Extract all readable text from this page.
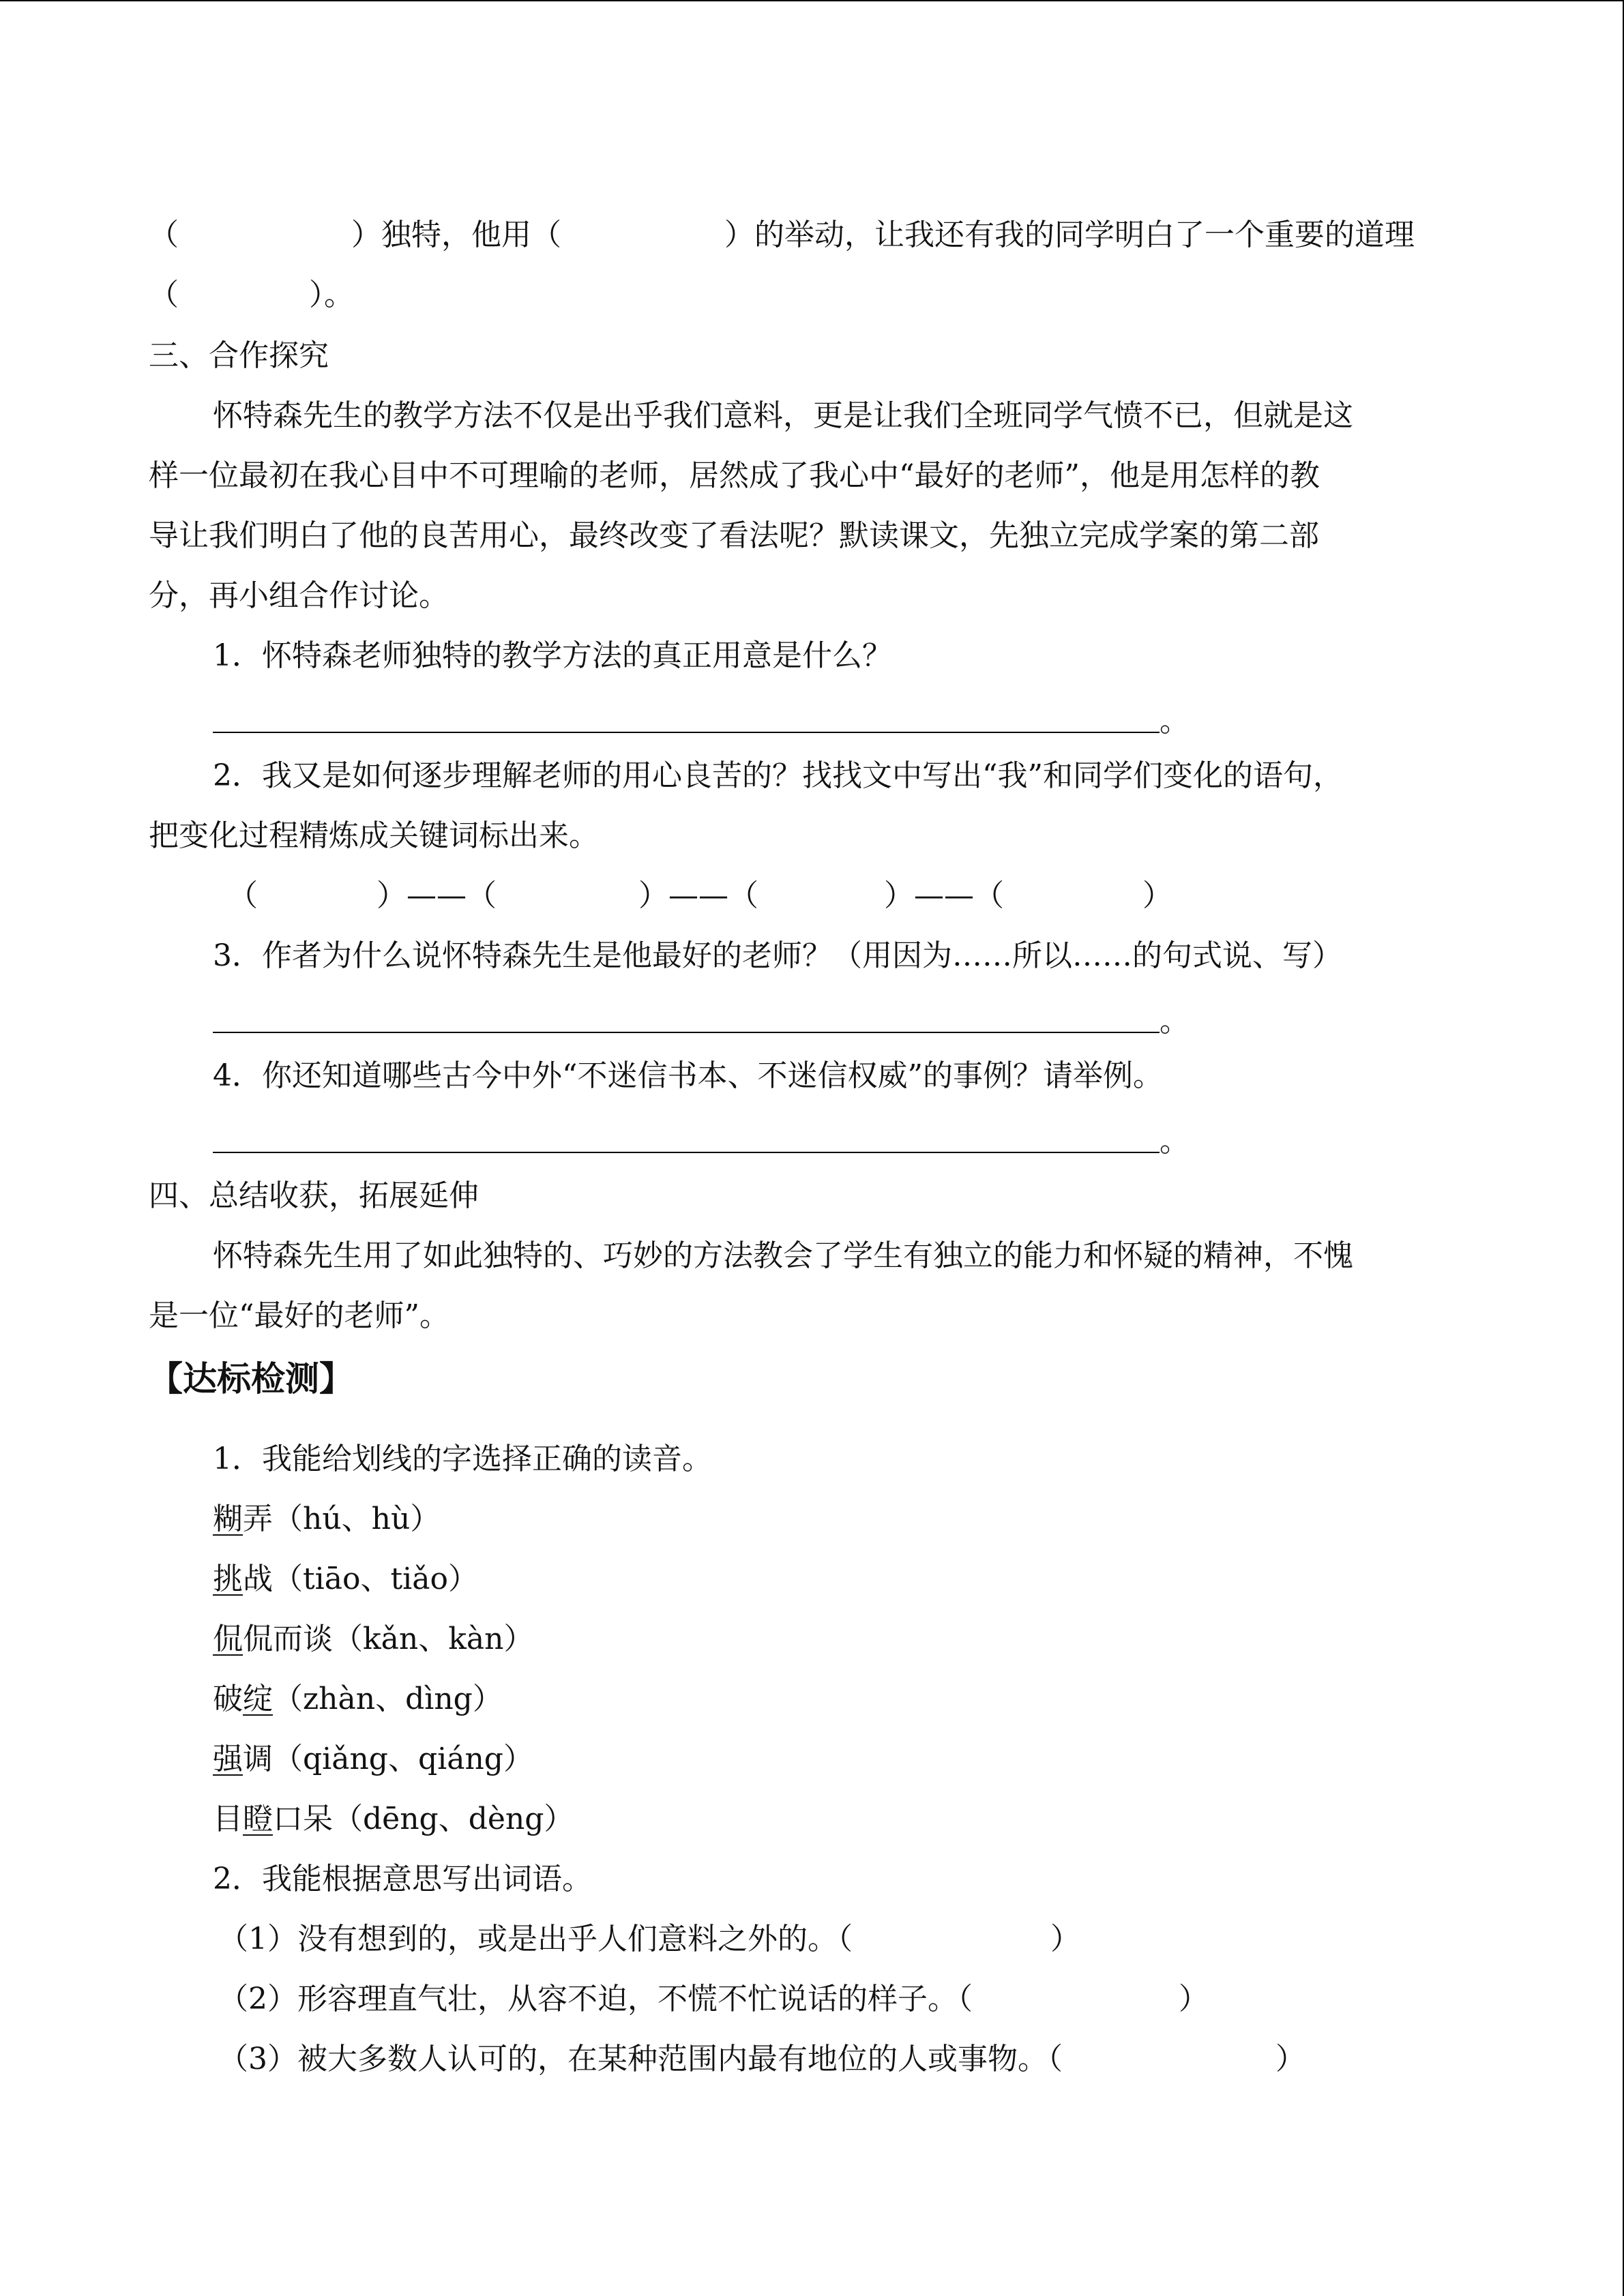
（	）独特，他用（	）的举动，让我还有我的同学明白了一个重要的道理
（	）。
三、合作探究
怀特森先生的教学方法不仅是出乎我们意料，更是让我们全班同学气愤不已，但就是这
样一位最初在我心目中不可理喻的老师，居然成了我心中“最好的老师”，他是用怎样的教
导让我们明白了他的良苦用心，最终改变了看法呢？默读课文，先独立完成学案的第二部
分，再小组合作讨论。
1．怀特森老师独特的教学方法的真正用意是什么？
。
2．我又是如何逐步理解老师的用心良苦的？找找文中写出“我”和同学们变化的语句，
把变化过程精炼成关键词标出来。
（	）——（	）——（	）——（	）
3．作者为什么说怀特森先生是他最好的老师？（用因为……所以……的句式说、写）
。
4．你还知道哪些古今中外“不迷信书本、不迷信权威”的事例？请举例。
。
四、总结收获，拓展延伸
怀特森先生用了如此独特的、巧妙的方法教会了学生有独立的能力和怀疑的精神，不愧
是一位“最好的老师”。
【达标检测】
1．我能给划线的字选择正确的读音。
糊弄（hú、hù）
挑战（tiāo、tiǎo）
侃侃而谈（kǎn、kàn）
破绽（zhàn、dìng）
强调（qiǎng、qiáng）
目瞪口呆（dēng、dèng）
2．我能根据意思写出词语。
（1）没有想到的，或是出乎人们意料之外的。（	）
（2）形容理直气壮，从容不迫，不慌不忙说话的样子。（	）
（3）被大多数人认可的，在某种范围内最有地位的人或事物。（	）
